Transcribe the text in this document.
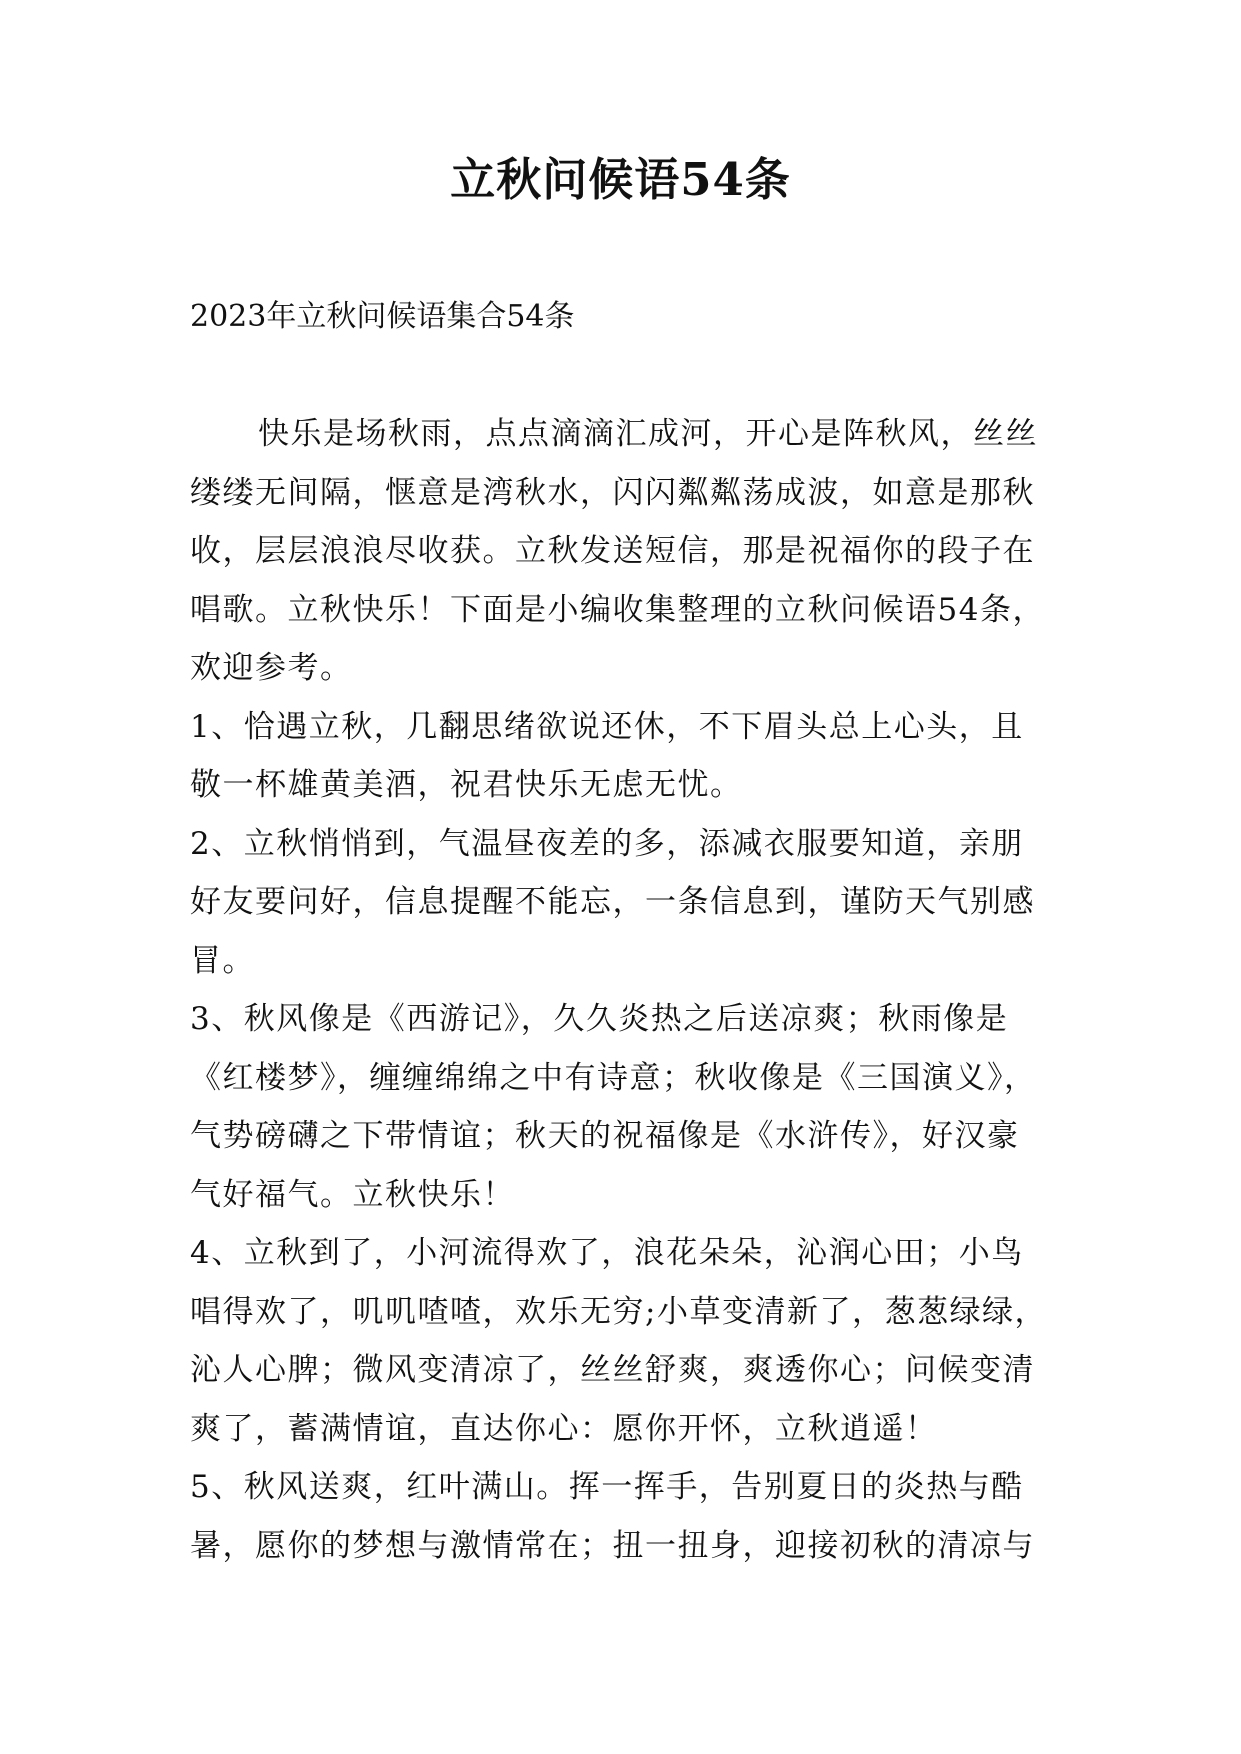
立秋问候语54条
2023年立秋问候语集合54条
快乐是场秋雨，点点滴滴汇成河，开心是阵秋风，丝丝
缕缕无间隔，惬意是湾秋水，闪闪粼粼荡成波，如意是那秋
收，层层浪浪尽收获。立秋发送短信，那是祝福你的段子在
唱歌。立秋快乐！下面是小编收集整理的立秋问候语54条，
欢迎参考。
1、恰遇立秋，几翻思绪欲说还休，不下眉头总上心头，且
敬一杯雄黄美酒，祝君快乐无虑无忧。
2、立秋悄悄到，气温昼夜差的多，添减衣服要知道，亲朋
好友要问好，信息提醒不能忘，一条信息到，谨防天气别感
冒。
3、秋风像是《西游记》，久久炎热之后送凉爽；秋雨像是
《红楼梦》，缠缠绵绵之中有诗意；秋收像是《三国演义》，
气势磅礴之下带情谊；秋天的祝福像是《水浒传》，好汉豪
气好福气。立秋快乐！
4、立秋到了，小河流得欢了，浪花朵朵，沁润心田；小鸟
唱得欢了，叽叽喳喳，欢乐无穷;小草变清新了，葱葱绿绿，
沁人心脾；微风变清凉了，丝丝舒爽，爽透你心；问候变清
爽了，蓄满情谊，直达你心：愿你开怀，立秋逍遥！
5、秋风送爽，红叶满山。挥一挥手，告别夏日的炎热与酷
暑，愿你的梦想与激情常在；扭一扭身，迎接初秋的清凉与
